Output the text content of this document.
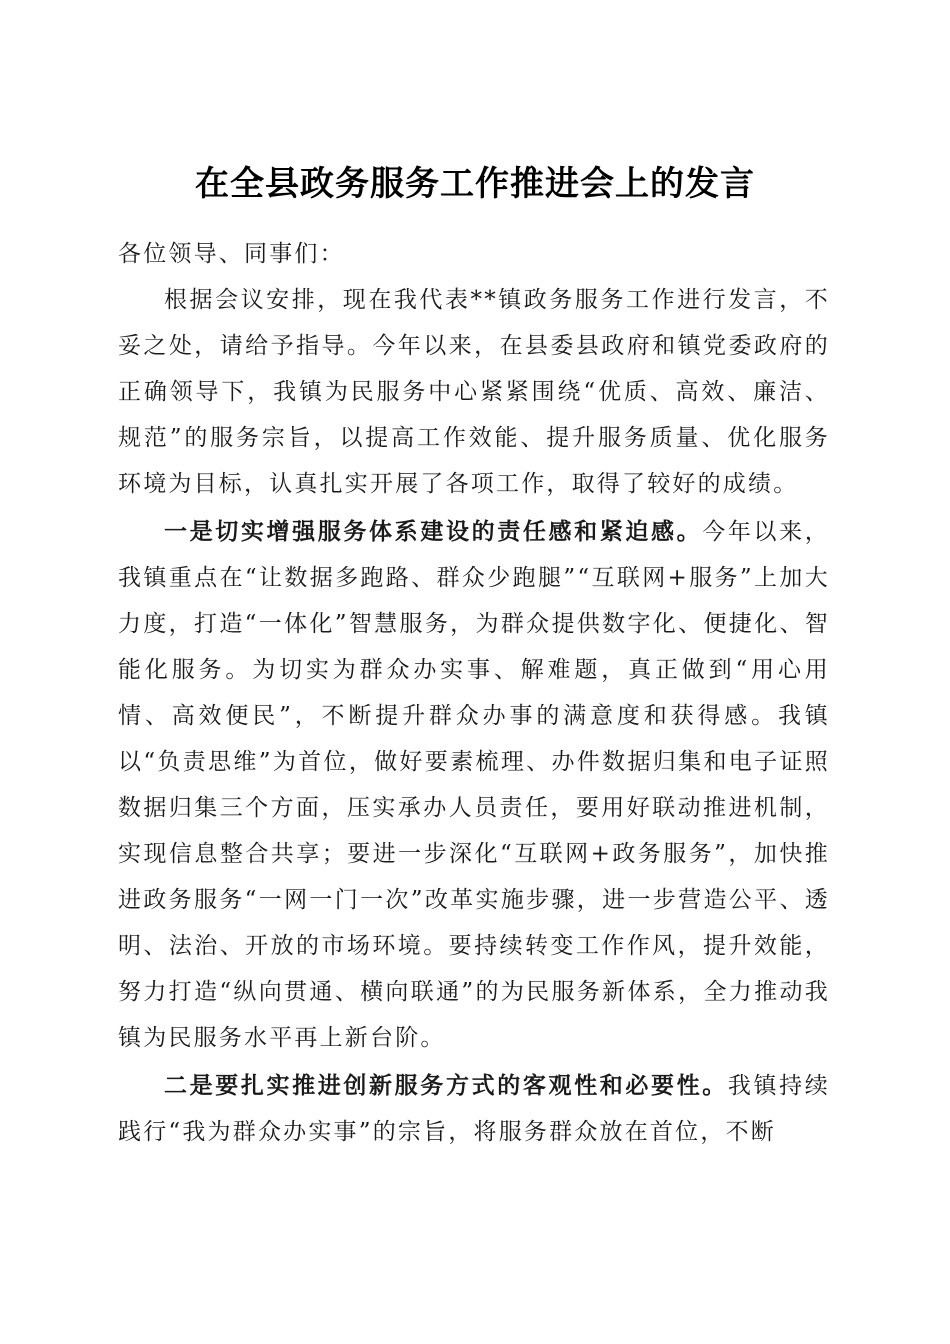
在全县政务服务工作推进会上的发言

各位领导、同事们：

根据会议安排，现在我代表**镇政务服务工作进行发言，不妥之处，请给予指导。今年以来，在县委县政府和镇党委政府的正确领导下，我镇为民服务中心紧紧围绕“优质、高效、廉洁、规范”的服务宗旨，以提高工作效能、提升服务质量、优化服务环境为目标，认真扎实开展了各项工作，取得了较好的成绩。

一是切实增强服务体系建设的责任感和紧迫感。今年以来，我镇重点在“让数据多跑路、群众少跑腿”“互联网+服务”上加大力度，打造“一体化”智慧服务，为群众提供数字化、便捷化、智能化服务。为切实为群众办实事、解难题，真正做到“用心用情、高效便民”，不断提升群众办事的满意度和获得感。我镇以“负责思维”为首位，做好要素梳理、办件数据归集和电子证照数据归集三个方面，压实承办人员责任，要用好联动推进机制，实现信息整合共享；要进一步深化“互联网+政务服务”，加快推进政务服务“一网一门一次”改革实施步骤，进一步营造公平、透明、法治、开放的市场环境。要持续转变工作作风，提升效能，努力打造“纵向贯通、横向联通”的为民服务新体系，全力推动我镇为民服务水平再上新台阶。

二是要扎实推进创新服务方式的客观性和必要性。我镇持续践行“我为群众办实事”的宗旨，将服务群众放在首位，不断
